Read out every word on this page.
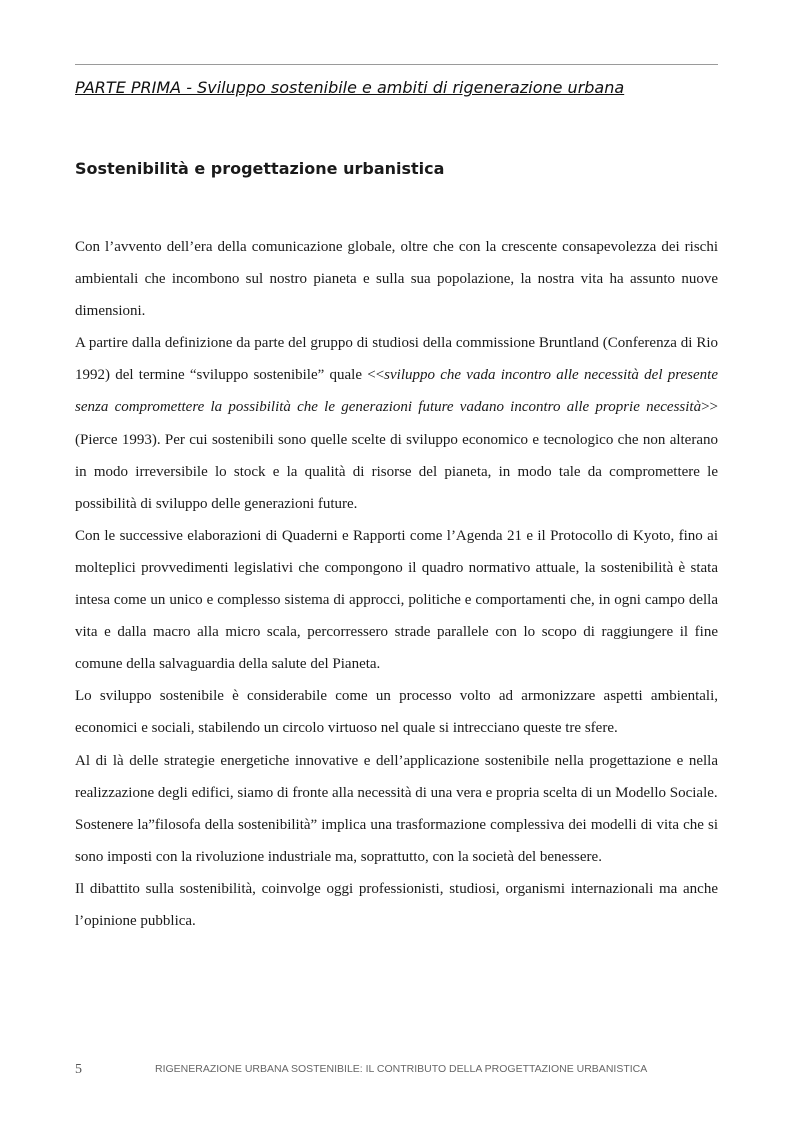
PARTE PRIMA - Sviluppo sostenibile e ambiti di rigenerazione urbana
Sostenibilità e progettazione urbanistica

Con l’avvento dell’era della comunicazione globale, oltre che con la crescente consapevolezza dei rischi ambientali che incombono sul nostro pianeta e sulla sua popolazione, la nostra vita ha assunto nuove dimensioni.

A partire dalla definizione da parte del gruppo di studiosi della commissione Bruntland (Conferenza di Rio 1992) del termine “sviluppo sostenibile” quale <<sviluppo che vada incontro alle necessità del presente senza compromettere la possibilità che le generazioni future vadano incontro alle proprie necessità>>(Pierce 1993). Per cui sostenibili sono quelle scelte di sviluppo economico e tecnologico che non alterano in modo irreversibile lo stock e la qualità di risorse del pianeta, in modo tale da compromettere le possibilità di sviluppo delle generazioni future.

Con le successive elaborazioni di Quaderni e Rapporti come l’Agenda 21 e il Protocollo di Kyoto, fino ai molteplici provvedimenti legislativi che compongono il quadro normativo attuale, la sostenibilità è stata intesa come un unico e complesso sistema di approcci, politiche e comportamenti che, in ogni campo della vita e dalla macro alla micro scala, percorressero strade parallele con lo scopo di raggiungere il fine comune della salvaguardia della salute del Pianeta.

Lo sviluppo sostenibile è considerabile come un processo volto ad armonizzare aspetti ambientali, economici e sociali, stabilendo un circolo virtuoso nel quale si intrecciano queste tre sfere.

Al di là delle strategie energetiche innovative e dell’applicazione sostenibile nella progettazione e nella realizzazione degli edifici, siamo di fronte alla necessità di una vera e propria scelta di un Modello Sociale.

Sostenere la”filosofa della sostenibilità” implica una trasformazione complessiva dei modelli di vita che si sono imposti con la rivoluzione industriale ma, soprattutto, con la società del benessere.

Il dibattito sulla sostenibilità, coinvolge oggi professionisti, studiosi, organismi internazionali ma anche l’opinione pubblica.

5	RIGENERAZIONE URBANA SOSTENIBILE: IL CONTRIBUTO DELLA PROGETTAZIONE URBANISTICA
